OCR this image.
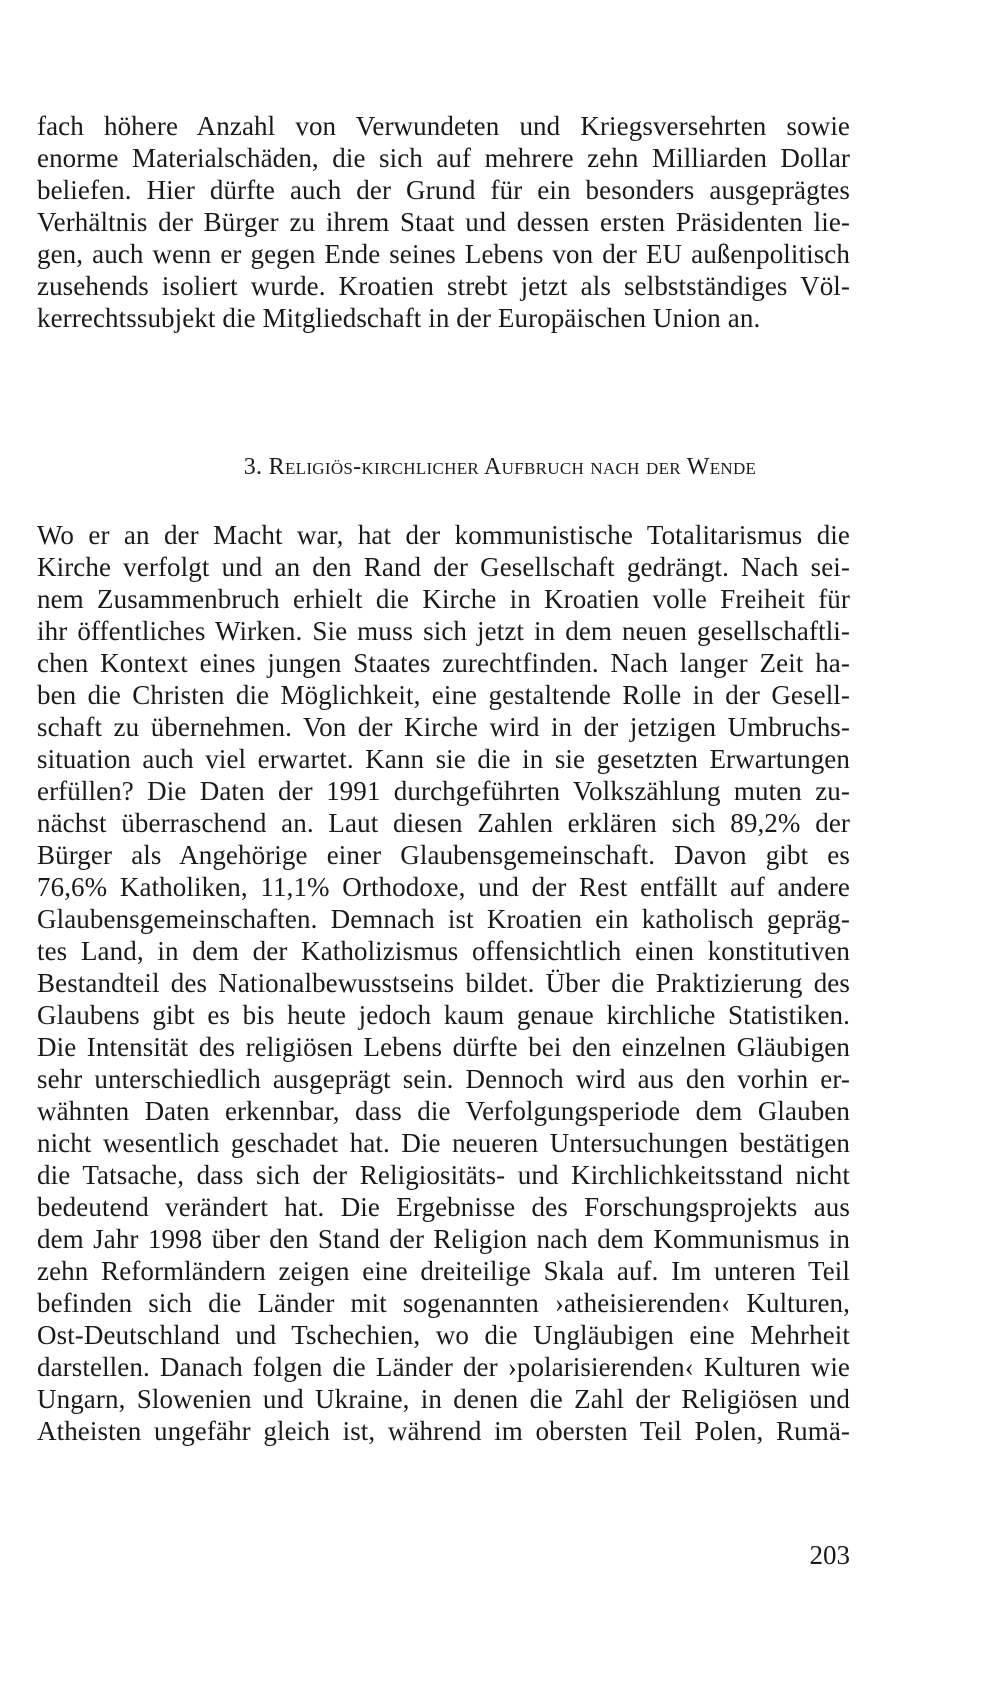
fach höhere Anzahl von Verwundeten und Kriegsversehrten sowie
enorme Materialschäden, die sich auf mehrere zehn Milliarden Dollar
beliefen. Hier dürfte auch der Grund für ein besonders ausgeprägtes
Verhältnis der Bürger zu ihrem Staat und dessen ersten Präsidenten lie-
gen, auch wenn er gegen Ende seines Lebens von der EU außenpolitisch
zusehends isoliert wurde. Kroatien strebt jetzt als selbstständiges Völ-
kerrechtssubjekt die Mitgliedschaft in der Europäischen Union an.
3. Religiös-kirchlicher Aufbruch nach der Wende
Wo er an der Macht war, hat der kommunistische Totalitarismus die
Kirche verfolgt und an den Rand der Gesellschaft gedrängt. Nach sei-
nem Zusammenbruch erhielt die Kirche in Kroatien volle Freiheit für
ihr öffentliches Wirken. Sie muss sich jetzt in dem neuen gesellschaftli-
chen Kontext eines jungen Staates zurechtfinden. Nach langer Zeit ha-
ben die Christen die Möglichkeit, eine gestaltende Rolle in der Gesell-
schaft zu übernehmen. Von der Kirche wird in der jetzigen Umbruchs-
situation auch viel erwartet. Kann sie die in sie gesetzten Erwartungen
erfüllen? Die Daten der 1991 durchgeführten Volkszählung muten zu-
nächst überraschend an. Laut diesen Zahlen erklären sich 89,2% der
Bürger als Angehörige einer Glaubensgemeinschaft. Davon gibt es
76,6% Katholiken, 11,1% Orthodoxe, und der Rest entfällt auf andere
Glaubensgemeinschaften. Demnach ist Kroatien ein katholisch gepräg-
tes Land, in dem der Katholizismus offensichtlich einen konstitutiven
Bestandteil des Nationalbewusstseins bildet. Über die Praktizierung des
Glaubens gibt es bis heute jedoch kaum genaue kirchliche Statistiken.
Die Intensität des religiösen Lebens dürfte bei den einzelnen Gläubigen
sehr unterschiedlich ausgeprägt sein. Dennoch wird aus den vorhin er-
wähnten Daten erkennbar, dass die Verfolgungsperiode dem Glauben
nicht wesentlich geschadet hat. Die neueren Untersuchungen bestätigen
die Tatsache, dass sich der Religiositäts- und Kirchlichkeitsstand nicht
bedeutend verändert hat. Die Ergebnisse des Forschungsprojekts aus
dem Jahr 1998 über den Stand der Religion nach dem Kommunismus in
zehn Reformländern zeigen eine dreiteilige Skala auf. Im unteren Teil
befinden sich die Länder mit sogenannten ›atheisierenden‹ Kulturen,
Ost-Deutschland und Tschechien, wo die Ungläubigen eine Mehrheit
darstellen. Danach folgen die Länder der ›polarisierenden‹ Kulturen wie
Ungarn, Slowenien und Ukraine, in denen die Zahl der Religiösen und
Atheisten ungefähr gleich ist, während im obersten Teil Polen, Rumä-
203
